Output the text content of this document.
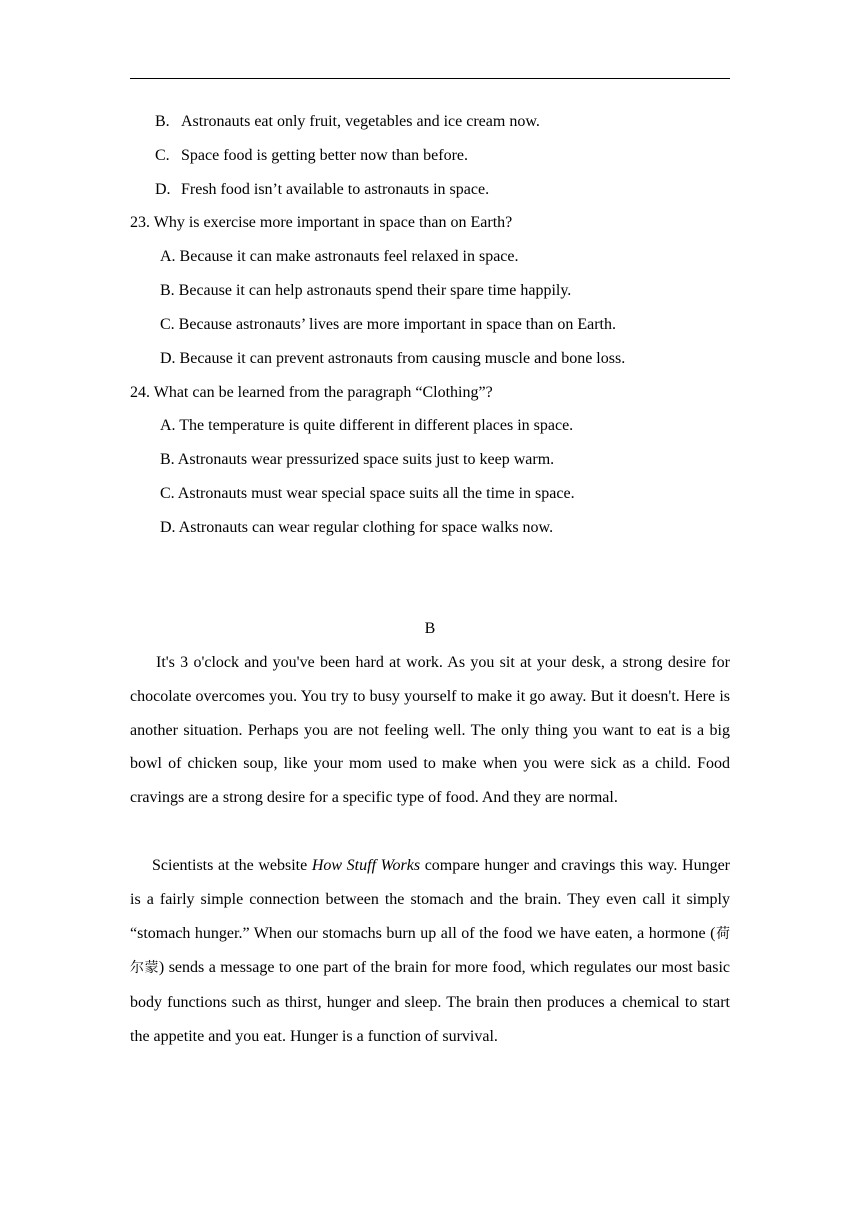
B. Astronauts eat only fruit, vegetables and ice cream now.
C. Space food is getting better now than before.
D. Fresh food isn’t available to astronauts in space.
23. Why is exercise more important in space than on Earth?
A. Because it can make astronauts feel relaxed in space.
B. Because it can help astronauts spend their spare time happily.
C. Because astronauts’ lives are more important in space than on Earth.
D. Because it can prevent astronauts from causing muscle and bone loss.
24. What can be learned from the paragraph “Clothing”?
A. The temperature is quite different in different places in space.
B. Astronauts wear pressurized space suits just to keep warm.
C. Astronauts must wear special space suits all the time in space.
D. Astronauts can wear regular clothing for space walks now.
B

It's 3 o'clock and you've been hard at work. As you sit at your desk, a strong desire for chocolate overcomes you. You try to busy yourself to make it go away. But it doesn't. Here is another situation. Perhaps you are not feeling well. The only thing you want to eat is a big bowl of chicken soup, like your mom used to make when you were sick as a child. Food cravings are a strong desire for a specific type of food. And they are normal.

Scientists at the website How Stuff Works compare hunger and cravings this way. Hunger is a fairly simple connection between the stomach and the brain. They even call it simply “stomach hunger.” When our stomachs burn up all of the food we have eaten, a hormone (荷尔蒙) sends a message to one part of the brain for more food, which regulates our most basic body functions such as thirst, hunger and sleep. The brain then produces a chemical to start the appetite and you eat. Hunger is a function of survival.
